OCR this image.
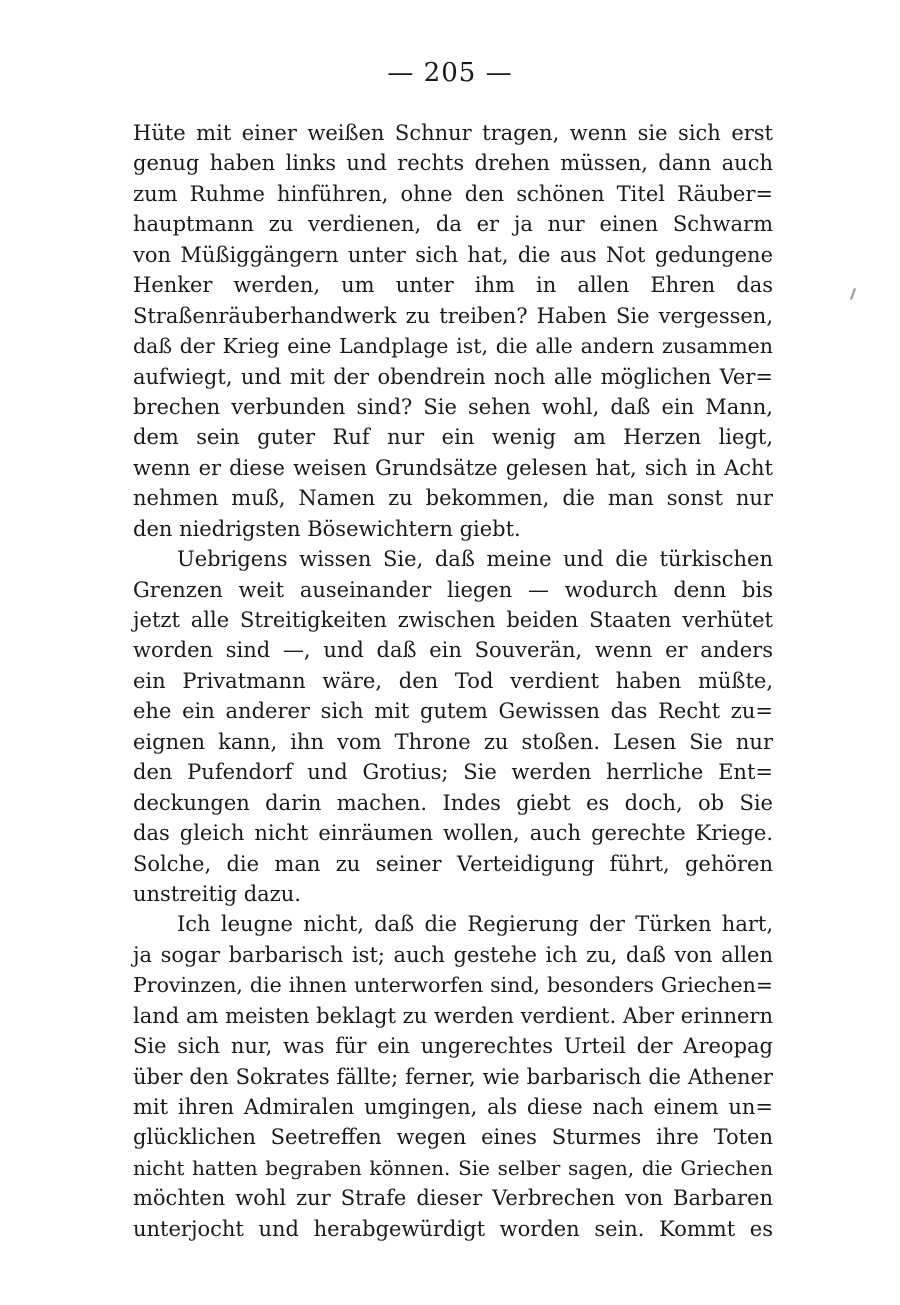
— 205 —
Hüte mit einer weißen Schnur tragen, wenn sie sich erst
genug haben links und rechts drehen müssen, dann auch
zum Ruhme hinführen, ohne den schönen Titel Räuber=
hauptmann zu verdienen, da er ja nur einen Schwarm
von Müßiggängern unter sich hat, die aus Not gedungene
Henker werden, um unter ihm in allen Ehren das
Straßenräuberhandwerk zu treiben? Haben Sie vergessen,
daß der Krieg eine Landplage ist, die alle andern zusammen
aufwiegt, und mit der obendrein noch alle möglichen Ver=
brechen verbunden sind? Sie sehen wohl, daß ein Mann,
dem sein guter Ruf nur ein wenig am Herzen liegt,
wenn er diese weisen Grundsätze gelesen hat, sich in Acht
nehmen muß, Namen zu bekommen, die man sonst nur
den niedrigsten Bösewichtern giebt.
Uebrigens wissen Sie, daß meine und die türkischen
Grenzen weit auseinander liegen — wodurch denn bis
jetzt alle Streitigkeiten zwischen beiden Staaten verhütet
worden sind —, und daß ein Souverän, wenn er anders
ein Privatmann wäre, den Tod verdient haben müßte,
ehe ein anderer sich mit gutem Gewissen das Recht zu=
eignen kann, ihn vom Throne zu stoßen. Lesen Sie nur
den Pufendorf und Grotius; Sie werden herrliche Ent=
deckungen darin machen. Indes giebt es doch, ob Sie
das gleich nicht einräumen wollen, auch gerechte Kriege.
Solche, die man zu seiner Verteidigung führt, gehören
unstreitig dazu.
Ich leugne nicht, daß die Regierung der Türken hart,
ja sogar barbarisch ist; auch gestehe ich zu, daß von allen
Provinzen, die ihnen unterworfen sind, besonders Griechen=
land am meisten beklagt zu werden verdient. Aber erinnern
Sie sich nur, was für ein ungerechtes Urteil der Areopag
über den Sokrates fällte; ferner, wie barbarisch die Athener
mit ihren Admiralen umgingen, als diese nach einem un=
glücklichen Seetreffen wegen eines Sturmes ihre Toten
nicht hatten begraben können. Sie selber sagen, die Griechen
möchten wohl zur Strafe dieser Verbrechen von Barbaren
unterjocht und herabgewürdigt worden sein. Kommt es
